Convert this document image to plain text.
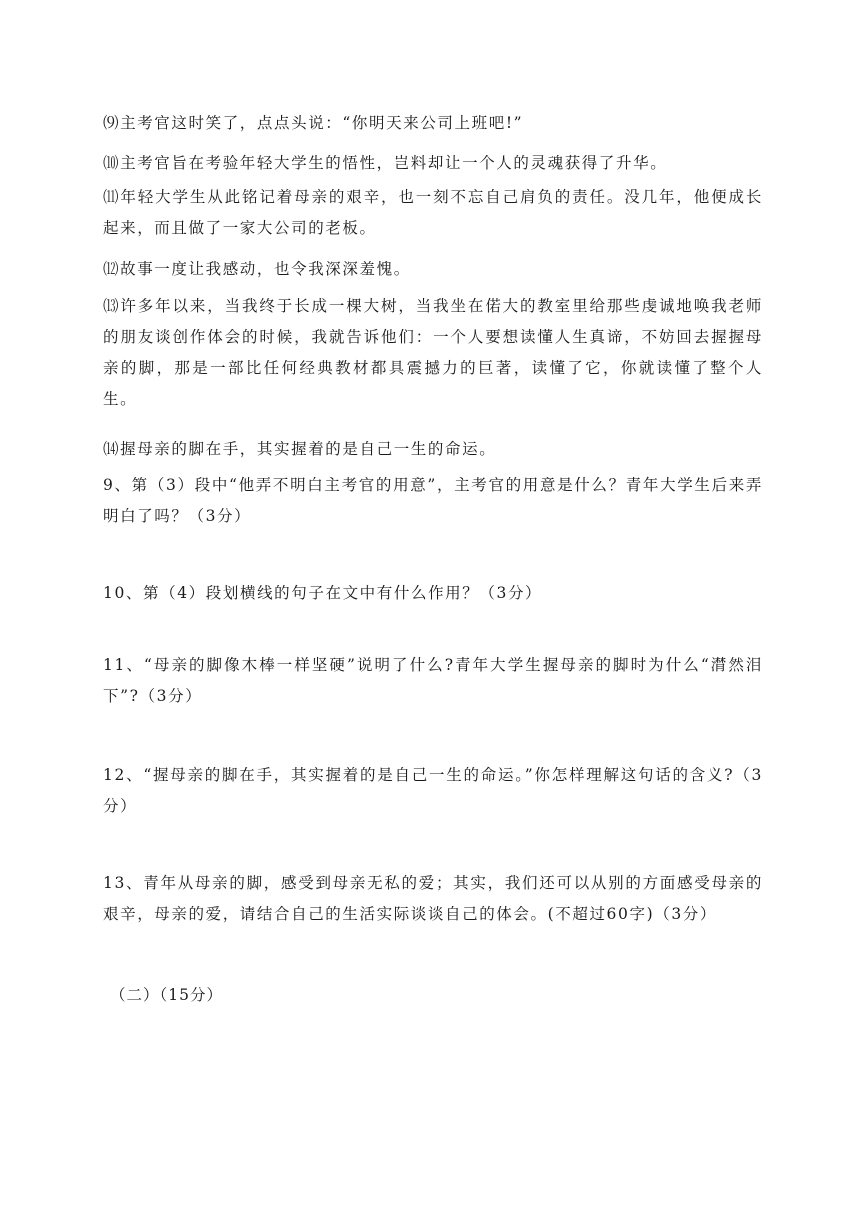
⑼主考官这时笑了，点点头说：“你明天来公司上班吧!”

⑽主考官旨在考验年轻大学生的悟性，岂料却让一个人的灵魂获得了升华。

⑾年轻大学生从此铭记着母亲的艰辛，也一刻不忘自己肩负的责任。没几年，他便成长起来，而且做了一家大公司的老板。

⑿故事一度让我感动，也令我深深羞愧。

⒀许多年以来，当我终于长成一棵大树，当我坐在偌大的教室里给那些虔诚地唤我老师的朋友谈创作体会的时候，我就告诉他们：一个人要想读懂人生真谛，不妨回去握握母亲的脚，那是一部比任何经典教材都具震撼力的巨著，读懂了它，你就读懂了整个人生。

⒁握母亲的脚在手，其实握着的是自己一生的命运。

9、第（3）段中“他弄不明白主考官的用意”，主考官的用意是什么？青年大学生后来弄明白了吗？（3分）

10、第（4）段划横线的句子在文中有什么作用？（3分）

11、“母亲的脚像木棒一样坚硬”说明了什么?青年大学生握母亲的脚时为什么“潸然泪下”?（3分）

12、“握母亲的脚在手，其实握着的是自己一生的命运。”你怎样理解这句话的含义?（3分）

13、青年从母亲的脚，感受到母亲无私的爱；其实，我们还可以从别的方面感受母亲的艰辛，母亲的爱，请结合自己的生活实际谈谈自己的体会。(不超过60字)（3分）

（二）（15分）
